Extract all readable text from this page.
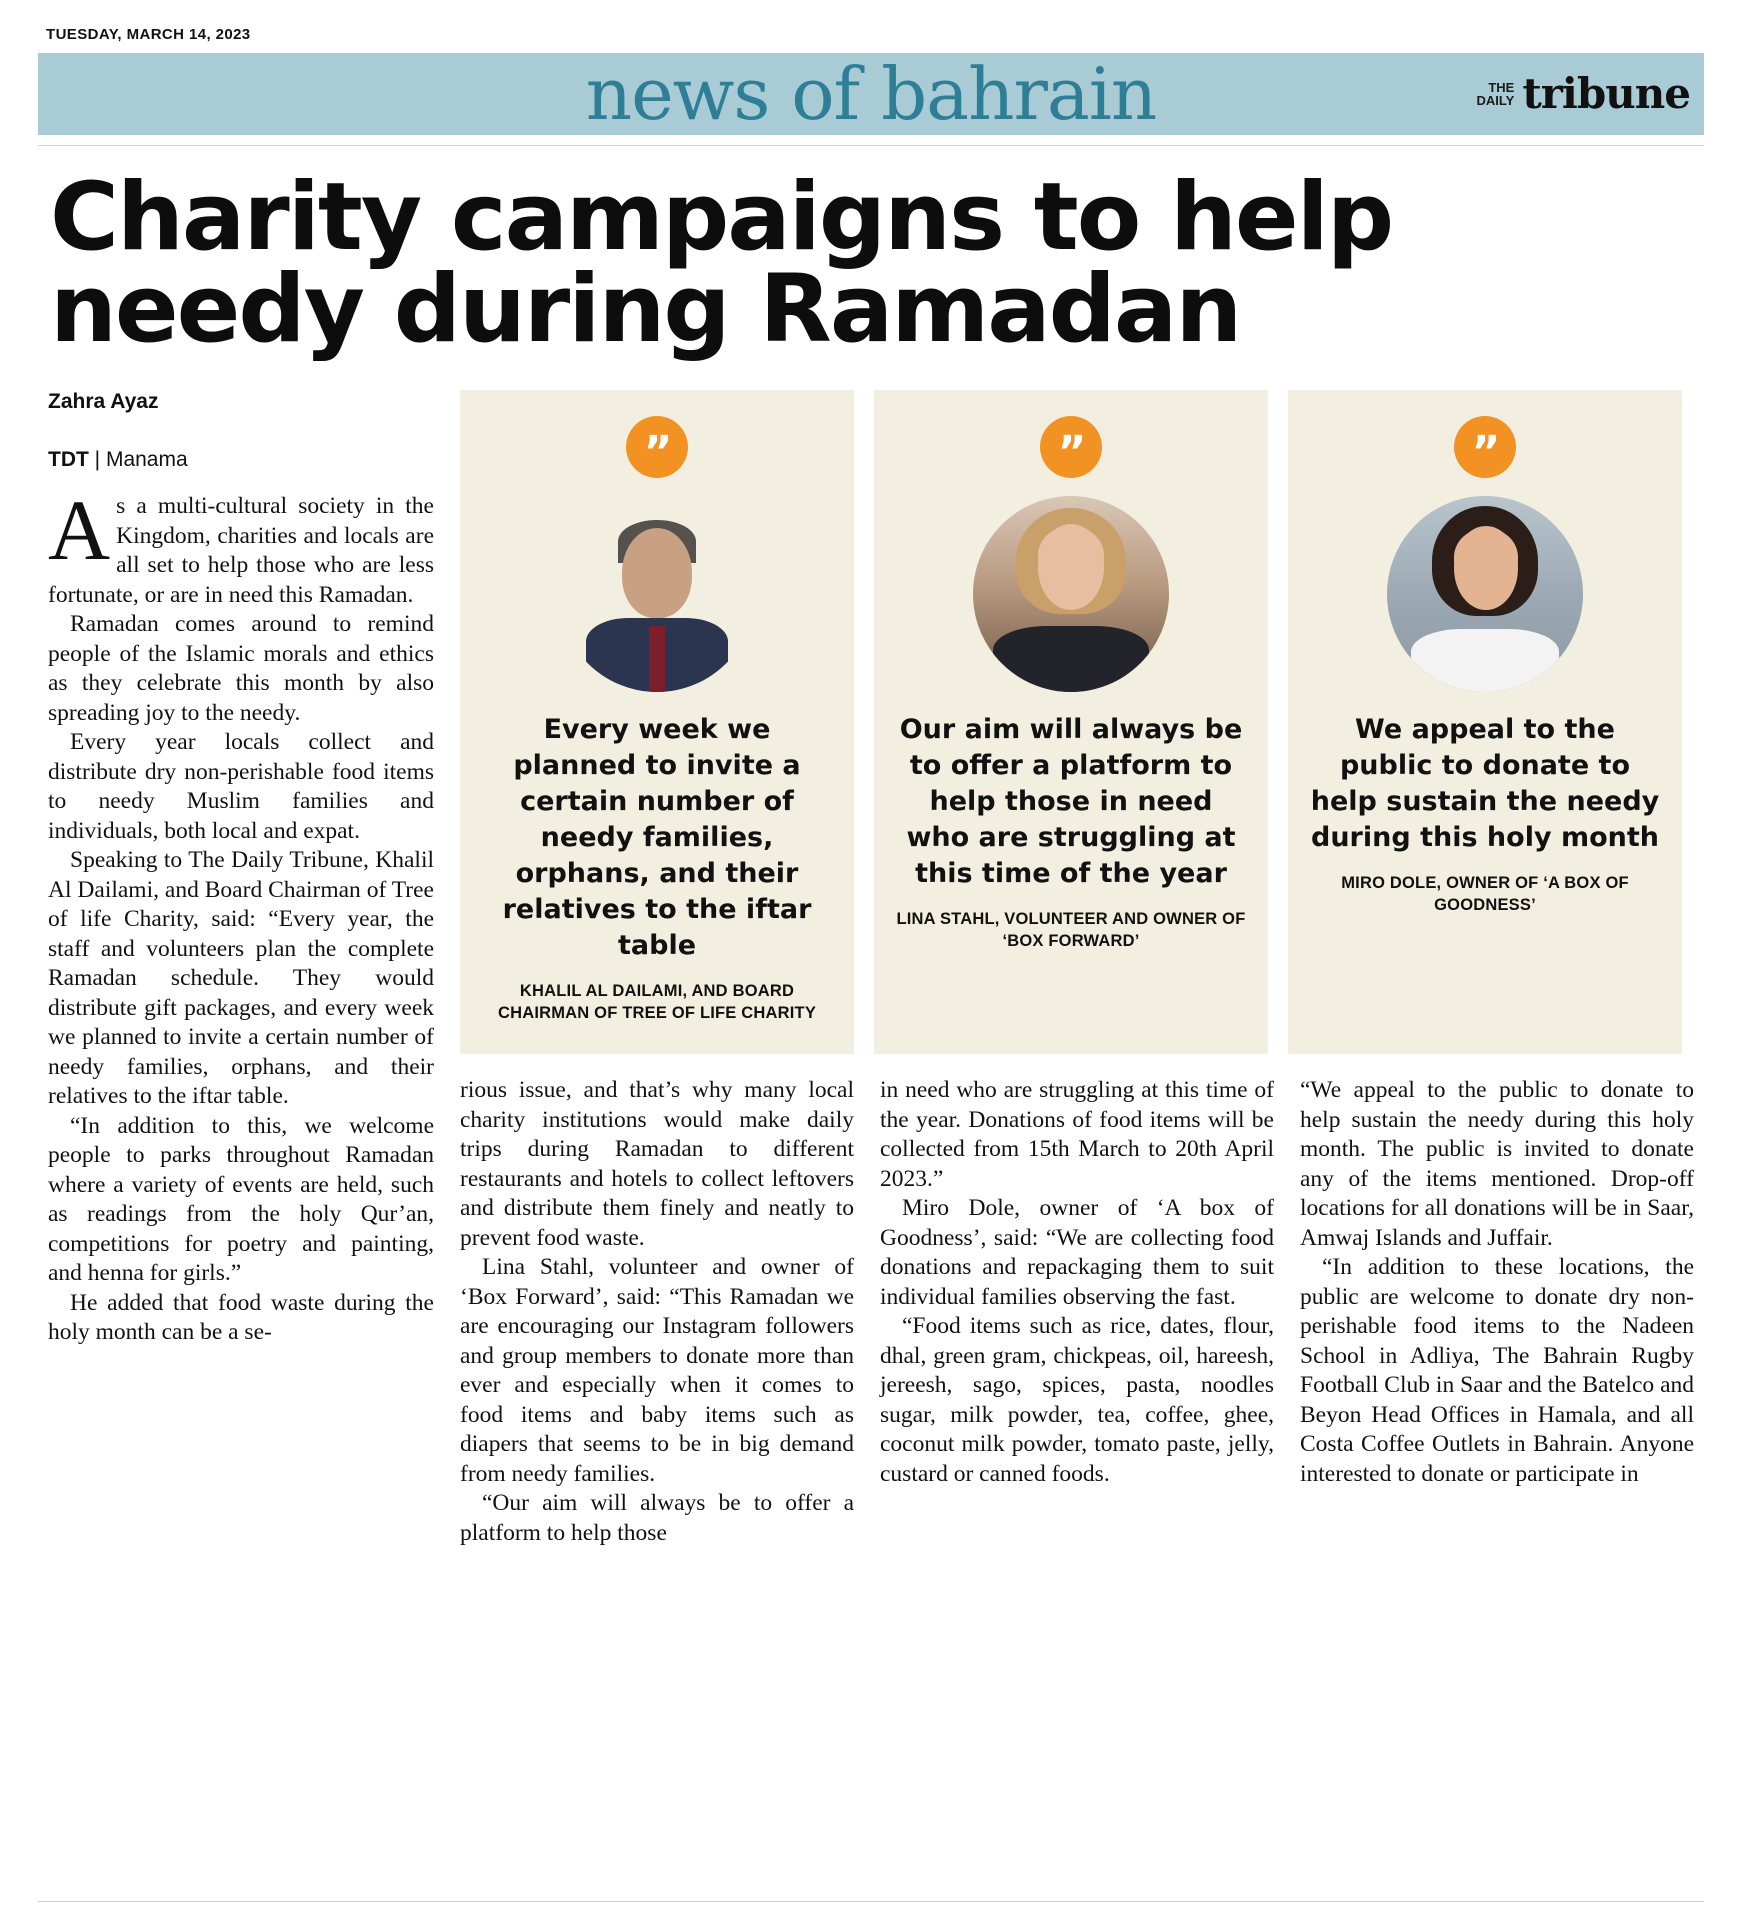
TUESDAY, MARCH 14, 2023
news of bahrain	THE
DAILY tribune
Charity campaigns to help needy during Ramadan
Zahra Ayaz
TDT | Manama

As a multi-cultural society in the Kingdom, charities and locals are all set to help those who are less fortunate, or are in need this Ramadan.

Ramadan comes around to remind people of the Islamic morals and ethics as they celebrate this month by also spreading joy to the needy.

Every year locals collect and distribute dry non-perishable food items to needy Muslim families and individuals, both local and expat.

Speaking to The Daily Tribune, Khalil Al Dailami, and Board Chairman of Tree of life Charity, said: “Every year, the staff and volunteers plan the complete Ramadan schedule. They would distribute gift packages, and every week we planned to invite a certain number of needy families, orphans, and their relatives to the iftar table.

“In addition to this, we welcome people to parks throughout Ramadan where a variety of events are held, such as readings from the holy Qur’an, competitions for poetry and painting, and henna for girls.”

He added that food waste during the holy month can be a se-

”
Every week we planned to invite a certain number of needy families, orphans, and their relatives to the iftar table
KHALIL AL DAILAMI, AND BOARD CHAIRMAN OF TREE OF LIFE CHARITY
”
Our aim will always be to offer a platform to help those in need who are struggling at this time of the year
LINA STAHL, VOLUNTEER AND OWNER OF ‘BOX FORWARD’
”
We appeal to the public to donate to help sustain the needy during this holy month
MIRO DOLE, OWNER OF ‘A BOX OF GOODNESS’

rious issue, and that’s why many local charity institutions would make daily trips during Ramadan to different restaurants and hotels to collect leftovers and distribute them finely and neatly to prevent food waste.

Lina Stahl, volunteer and owner of ‘Box Forward’, said: “This Ramadan we are encouraging our Instagram followers and group members to donate more than ever and especially when it comes to food items and baby items such as diapers that seems to be in big demand from needy families.

“Our aim will always be to offer a platform to help those

in need who are struggling at this time of the year. Donations of food items will be collected from 15th March to 20th April 2023.”

Miro Dole, owner of ‘A box of Goodness’, said: “We are collecting food donations and repackaging them to suit individual families observing the fast.

“Food items such as rice, dates, flour, dhal, green gram, chickpeas, oil, hareesh, jereesh, sago, spices, pasta, noodles sugar, milk powder, tea, coffee, ghee, coconut milk powder, tomato paste, jelly, custard or canned foods.

“We appeal to the public to donate to help sustain the needy during this holy month. The public is invited to donate any of the items mentioned. Drop-off locations for all donations will be in Saar, Amwaj Islands and Juffair.

“In addition to these locations, the public are welcome to donate dry non-perishable food items to the Nadeen School in Adliya, The Bahrain Rugby Football Club in Saar and the Batelco and Beyon Head Offices in Hamala, and all Costa Coffee Outlets in Bahrain. Anyone interested to donate or participate in
